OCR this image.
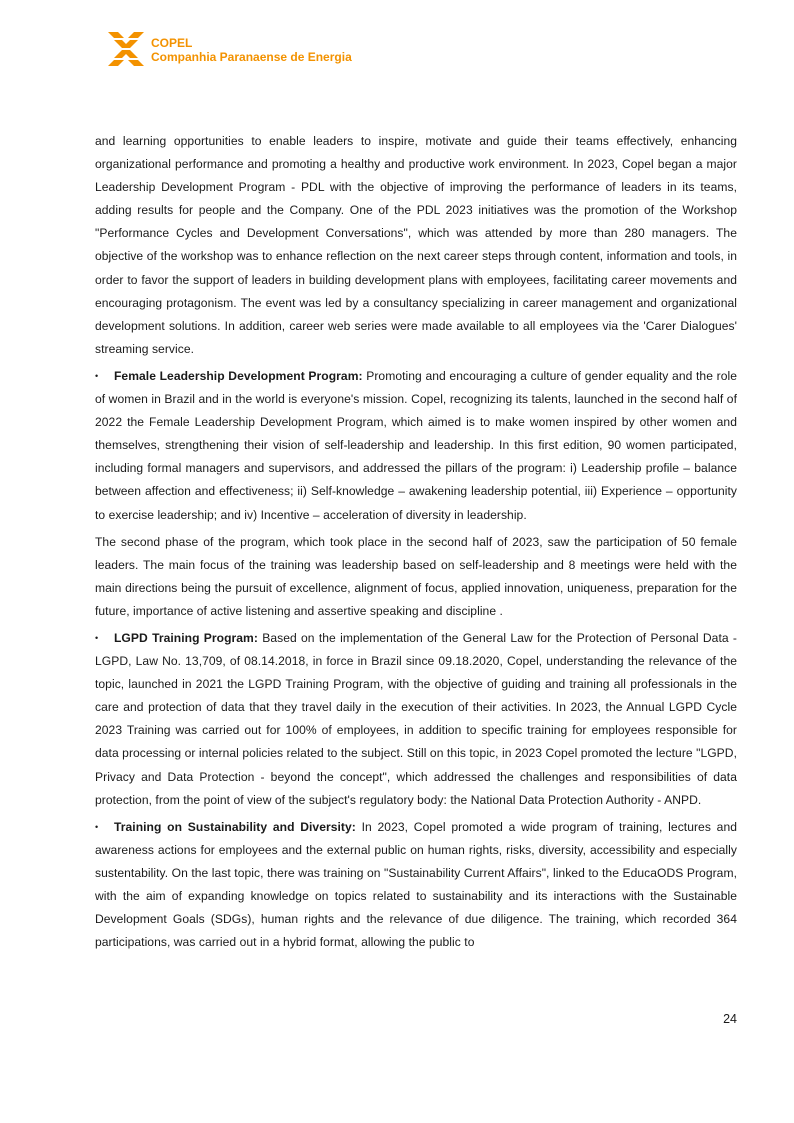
COPEL
Companhia Paranaense de Energia

and learning opportunities to enable leaders to inspire, motivate and guide their teams effectively, enhancing organizational performance and promoting a healthy and productive work environment. In 2023, Copel began a major Leadership Development Program - PDL with the objective of improving the performance of leaders in its teams, adding results for people and the Company. One of the PDL 2023 initiatives was the promotion of the Workshop "Performance Cycles and Development Conversations", which was attended by more than 280 managers. The objective of the workshop was to enhance reflection on the next career steps through content, information and tools, in order to favor the support of leaders in building development plans with employees, facilitating career movements and encouraging protagonism. The event was led by a consultancy specializing in career management and organizational development solutions. In addition, career web series were made available to all employees via the 'Carer Dialogues' streaming service.

• Female Leadership Development Program: Promoting and encouraging a culture of gender equality and the role of women in Brazil and in the world is everyone's mission. Copel, recognizing its talents, launched in the second half of 2022 the Female Leadership Development Program, which aimed is to make women inspired by other women and themselves, strengthening their vision of self-leadership and leadership. In this first edition, 90 women participated, including formal managers and supervisors, and addressed the pillars of the program: i) Leadership profile – balance between affection and effectiveness; ii) Self-knowledge – awakening leadership potential, iii) Experience – opportunity to exercise leadership; and iv) Incentive – acceleration of diversity in leadership.

The second phase of the program, which took place in the second half of 2023, saw the participation of 50 female leaders. The main focus of the training was leadership based on self-leadership and 8 meetings were held with the main directions being the pursuit of excellence, alignment of focus, applied innovation, uniqueness, preparation for the future, importance of active listening and assertive speaking and discipline .

• LGPD Training Program: Based on the implementation of the General Law for the Protection of Personal Data - LGPD, Law No. 13,709, of 08.14.2018, in force in Brazil since 09.18.2020, Copel, understanding the relevance of the topic, launched in 2021 the LGPD Training Program, with the objective of guiding and training all professionals in the care and protection of data that they travel daily in the execution of their activities. In 2023, the Annual LGPD Cycle 2023 Training was carried out for 100% of employees, in addition to specific training for employees responsible for data processing or internal policies related to the subject. Still on this topic, in 2023 Copel promoted the lecture "LGPD, Privacy and Data Protection - beyond the concept", which addressed the challenges and responsibilities of data protection, from the point of view of the subject's regulatory body: the National Data Protection Authority - ANPD.

• Training on Sustainability and Diversity: In 2023, Copel promoted a wide program of training, lectures and awareness actions for employees and the external public on human rights, risks, diversity, accessibility and especially sustentability. On the last topic, there was training on "Sustainability Current Affairs", linked to the EducaODS Program, with the aim of expanding knowledge on topics related to sustainability and its interactions with the Sustainable Development Goals (SDGs), human rights and the relevance of due diligence. The training, which recorded 364 participations, was carried out in a hybrid format, allowing the public to

24
